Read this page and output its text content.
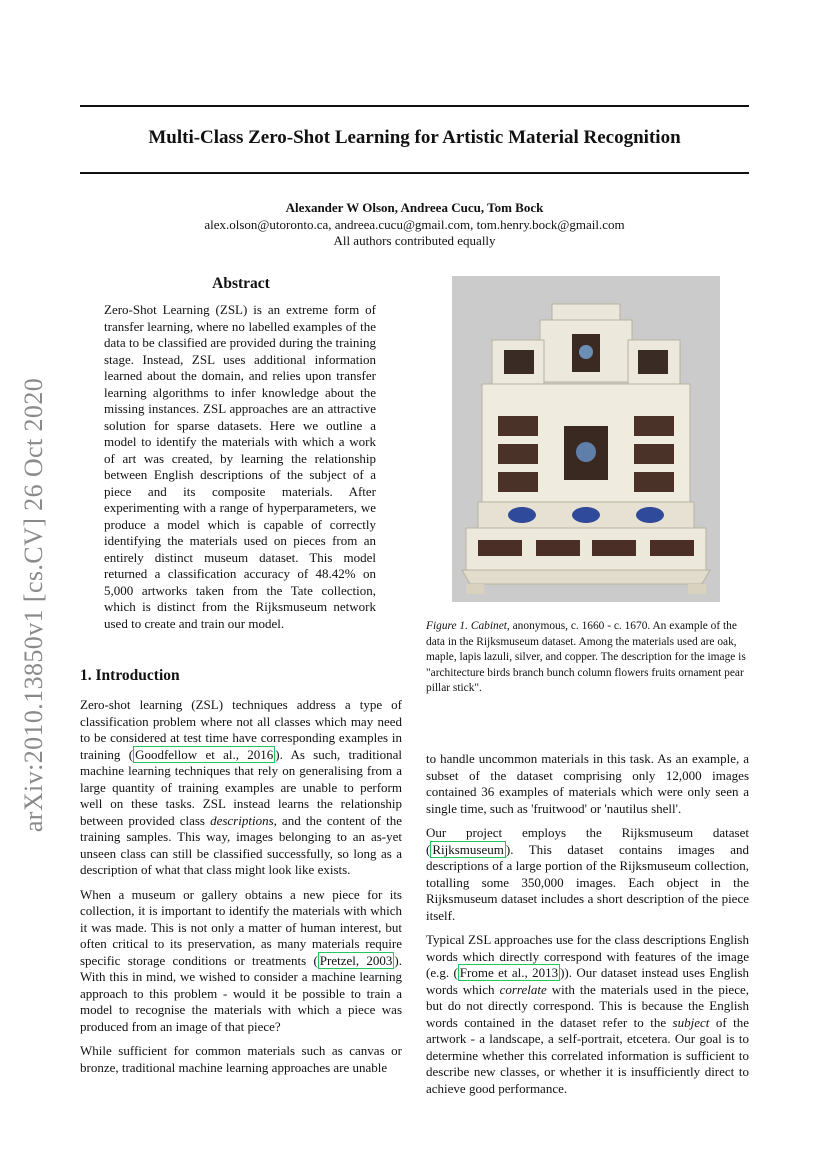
Multi-Class Zero-Shot Learning for Artistic Material Recognition
Alexander W Olson, Andreea Cucu, Tom Bock
alex.olson@utoronto.ca, andreea.cucu@gmail.com, tom.henry.bock@gmail.com
All authors contributed equally
arXiv:2010.13850v1 [cs.CV] 26 Oct 2020
Abstract
Zero-Shot Learning (ZSL) is an extreme form of transfer learning, where no labelled examples of the data to be classified are provided during the training stage. Instead, ZSL uses additional information learned about the domain, and relies upon transfer learning algorithms to infer knowledge about the missing instances. ZSL approaches are an attractive solution for sparse datasets. Here we outline a model to identify the materials with which a work of art was created, by learning the relationship between English descriptions of the subject of a piece and its composite materials. After experimenting with a range of hyperparameters, we produce a model which is capable of correctly identifying the materials used on pieces from an entirely distinct museum dataset. This model returned a classification accuracy of 48.42% on 5,000 artworks taken from the Tate collection, which is distinct from the Rijksmuseum network used to create and train our model.	Figure 1. Cabinet, anonymous, c. 1660 - c. 1670. An example of the data in the Rijksmuseum dataset. Among the materials used are oak, maple, lapis lazuli, silver, and copper. The description for the image is "architecture birds branch bunch column flowers fruits ornament pear pillar stick".
1. Introduction

Zero-shot learning (ZSL) techniques address a type of classification problem where not all classes which may need to be considered at test time have corresponding examples in training ( Goodfellow et al., 2016 ). As such, traditional machine learning techniques that rely on generalising from a large quantity of training examples are unable to perform well on these tasks. ZSL instead learns the relationship between provided class descriptions, and the content of the training samples. This way, images belonging to an as-yet unseen class can still be classified successfully, so long as a description of what that class might look like exists.

When a museum or gallery obtains a new piece for its collection, it is important to identify the materials with which it was made. This is not only a matter of human interest, but often critical to its preservation, as many materials require specific storage conditions or treatments ( Pretzel, 2003 ). With this in mind, we wished to consider a machine learning approach to this problem - would it be possible to train a model to recognise the materials with which a piece was produced from an image of that piece?

While sufficient for common materials such as canvas or bronze, traditional machine learning approaches are unable

to handle uncommon materials in this task. As an example, a subset of the dataset comprising only 12,000 images contained 36 examples of materials which were only seen a single time, such as 'fruitwood' or 'nautilus shell'.

Our project employs the Rijksmuseum dataset ( Rijksmuseum ). This dataset contains images and descriptions of a large portion of the Rijksmuseum collection, totalling some 350,000 images. Each object in the Rijksmuseum dataset includes a short description of the piece itself.

Typical ZSL approaches use for the class descriptions English words which directly correspond with features of the image (e.g. ( Frome et al., 2013 )). Our dataset instead uses English words which correlate with the materials used in the piece, but do not directly correspond. This is because the English words contained in the dataset refer to the subject of the artwork - a landscape, a self-portrait, etcetera. Our goal is to determine whether this correlated information is sufficient to describe new classes, or whether it is insufficiently direct to achieve good performance.
